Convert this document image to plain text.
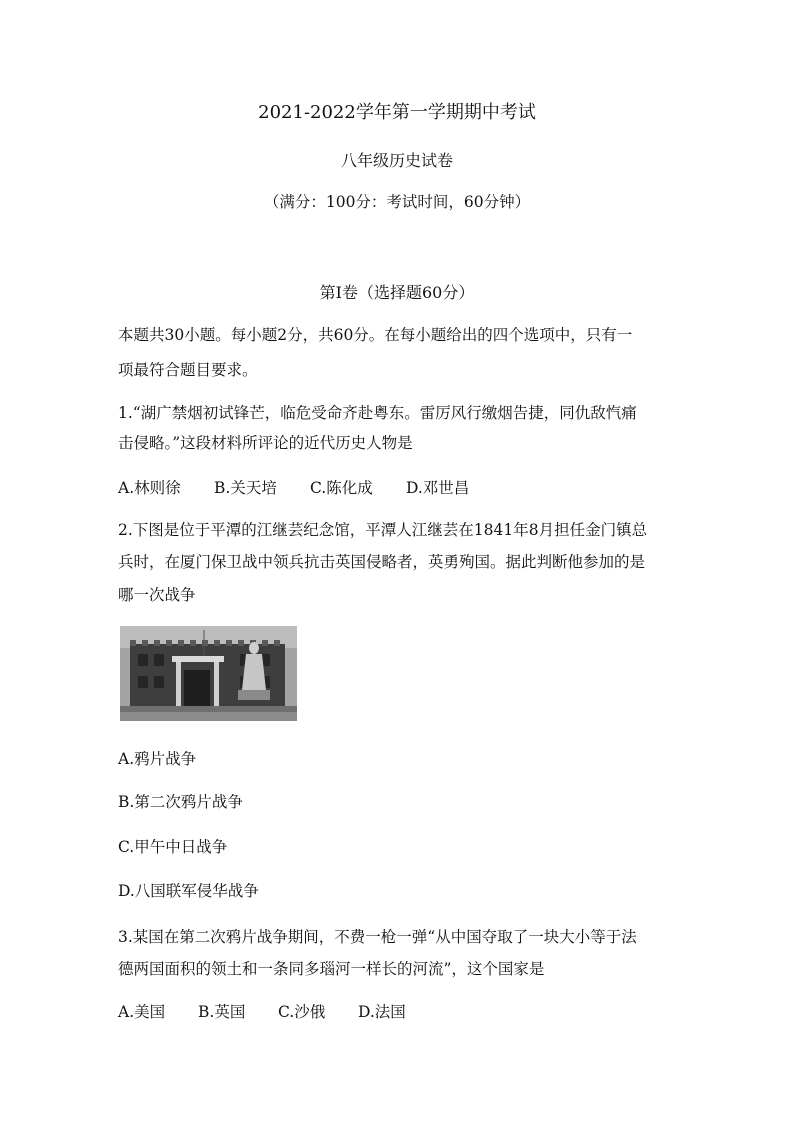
2021-2022学年第一学期期中考试
八年级历史试卷
（满分：100分：考试时间，60分钟）
第I卷（选择题60分）
本题共30小题。每小题2分，共60分。在每小题给出的四个选项中，只有一
项最符合题目要求。
1.“湖广禁烟初试锋芒，临危受命齐赴粤东。雷厉风行缴烟告捷，同仇敌忾痛
击侵略。”这段材料所评论的近代历史人物是
A.林则徐 B.关天培 C.陈化成 D.邓世昌
2.下图是位于平潭的江继芸纪念馆，平潭人江继芸在1841年8月担任金门镇总
兵时，在厦门保卫战中领兵抗击英国侵略者，英勇殉国。据此判断他参加的是
哪一次战争
A.鸦片战争
B.第二次鸦片战争
C.甲午中日战争
D.八国联军侵华战争
3.某国在第二次鸦片战争期间，不费一枪一弹“从中国夺取了一块大小等于法
德两国面积的领土和一条同多瑙河一样长的河流”，这个国家是
A.美国 B.英国 C.沙俄 D.法国
